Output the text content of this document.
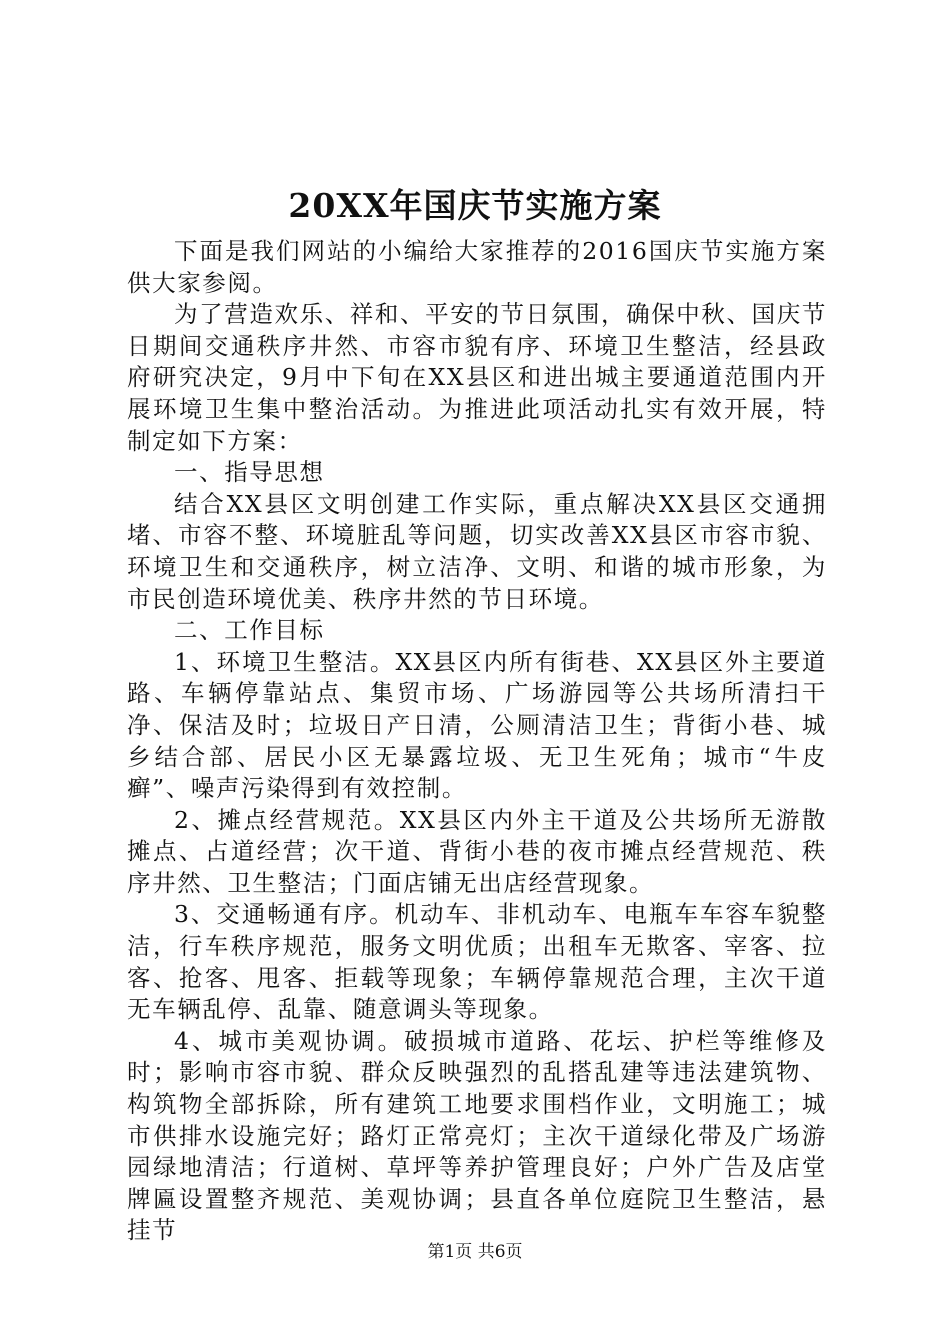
20XX年国庆节实施方案

下面是我们网站的小编给大家推荐的2016国庆节实施方案供大家参阅。

为了营造欢乐、祥和、平安的节日氛围，确保中秋、国庆节日期间交通秩序井然、市容市貌有序、环境卫生整洁，经县政府研究决定，9月中下旬在XX县区和进出城主要通道范围内开展环境卫生集中整治活动。为推进此项活动扎实有效开展，特制定如下方案：

一、指导思想

结合XX县区文明创建工作实际，重点解决XX县区交通拥堵、市容不整、环境脏乱等问题，切实改善XX县区市容市貌、环境卫生和交通秩序，树立洁净、文明、和谐的城市形象，为市民创造环境优美、秩序井然的节日环境。

二、工作目标

1、环境卫生整洁。XX县区内所有街巷、XX县区外主要道路、车辆停靠站点、集贸市场、广场游园等公共场所清扫干净、保洁及时；垃圾日产日清，公厕清洁卫生；背街小巷、城乡结合部、居民小区无暴露垃圾、无卫生死角；城市“牛皮癣”、噪声污染得到有效控制。

2、摊点经营规范。XX县区内外主干道及公共场所无游散摊点、占道经营；次干道、背街小巷的夜市摊点经营规范、秩序井然、卫生整洁；门面店铺无出店经营现象。

3、交通畅通有序。机动车、非机动车、电瓶车车容车貌整洁，行车秩序规范，服务文明优质；出租车无欺客、宰客、拉客、抢客、甩客、拒载等现象；车辆停靠规范合理，主次干道无车辆乱停、乱靠、随意调头等现象。

4、城市美观协调。破损城市道路、花坛、护栏等维修及时；影响市容市貌、群众反映强烈的乱搭乱建等违法建筑物、构筑物全部拆除，所有建筑工地要求围档作业，文明施工；城市供排水设施完好；路灯正常亮灯；主次干道绿化带及广场游园绿地清洁；行道树、草坪等养护管理良好；户外广告及店堂牌匾设置整齐规范、美观协调；县直各单位庭院卫生整洁，悬挂节

第1页 共6页
